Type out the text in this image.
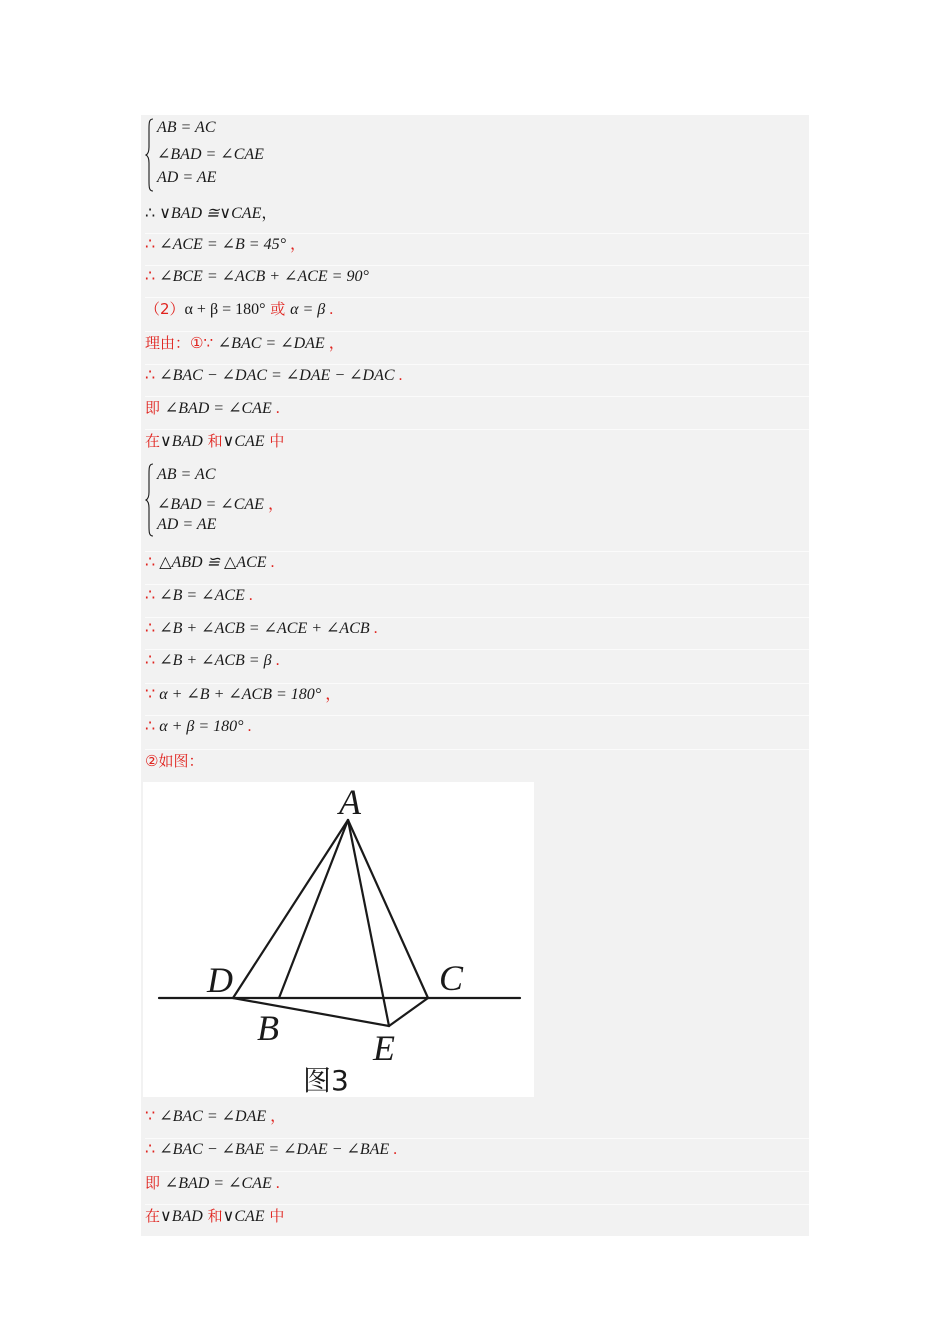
AB = AC
∠BAD = ∠CAE
AD = AE
∴ ∨BAD ≅∨CAE，
∴ ∠ACE = ∠B = 45° ，
∴ ∠BCE = ∠ACB + ∠ACE = 90°
（2）α + β = 180° 或 α = β .
理由：①∵ ∠BAC = ∠DAE ，
∴ ∠BAC − ∠DAC = ∠DAE − ∠DAC .
即 ∠BAD = ∠CAE .
在∨BAD 和∨CAE 中
AB = AC
∠BAD = ∠CAE ，
AD = AE
∴ △ABD ≌ △ACE .
∴ ∠B = ∠ACE .
∴ ∠B + ∠ACB = ∠ACE + ∠ACB .
∴ ∠B + ∠ACB = β .
∵ α + ∠B + ∠ACB = 180° ，
∴ α + β = 180° .
②如图：
A
D	C
B	E
图3
∵ ∠BAC = ∠DAE ，
∴ ∠BAC − ∠BAE = ∠DAE − ∠BAE .
即 ∠BAD = ∠CAE .
在∨BAD 和∨CAE 中
